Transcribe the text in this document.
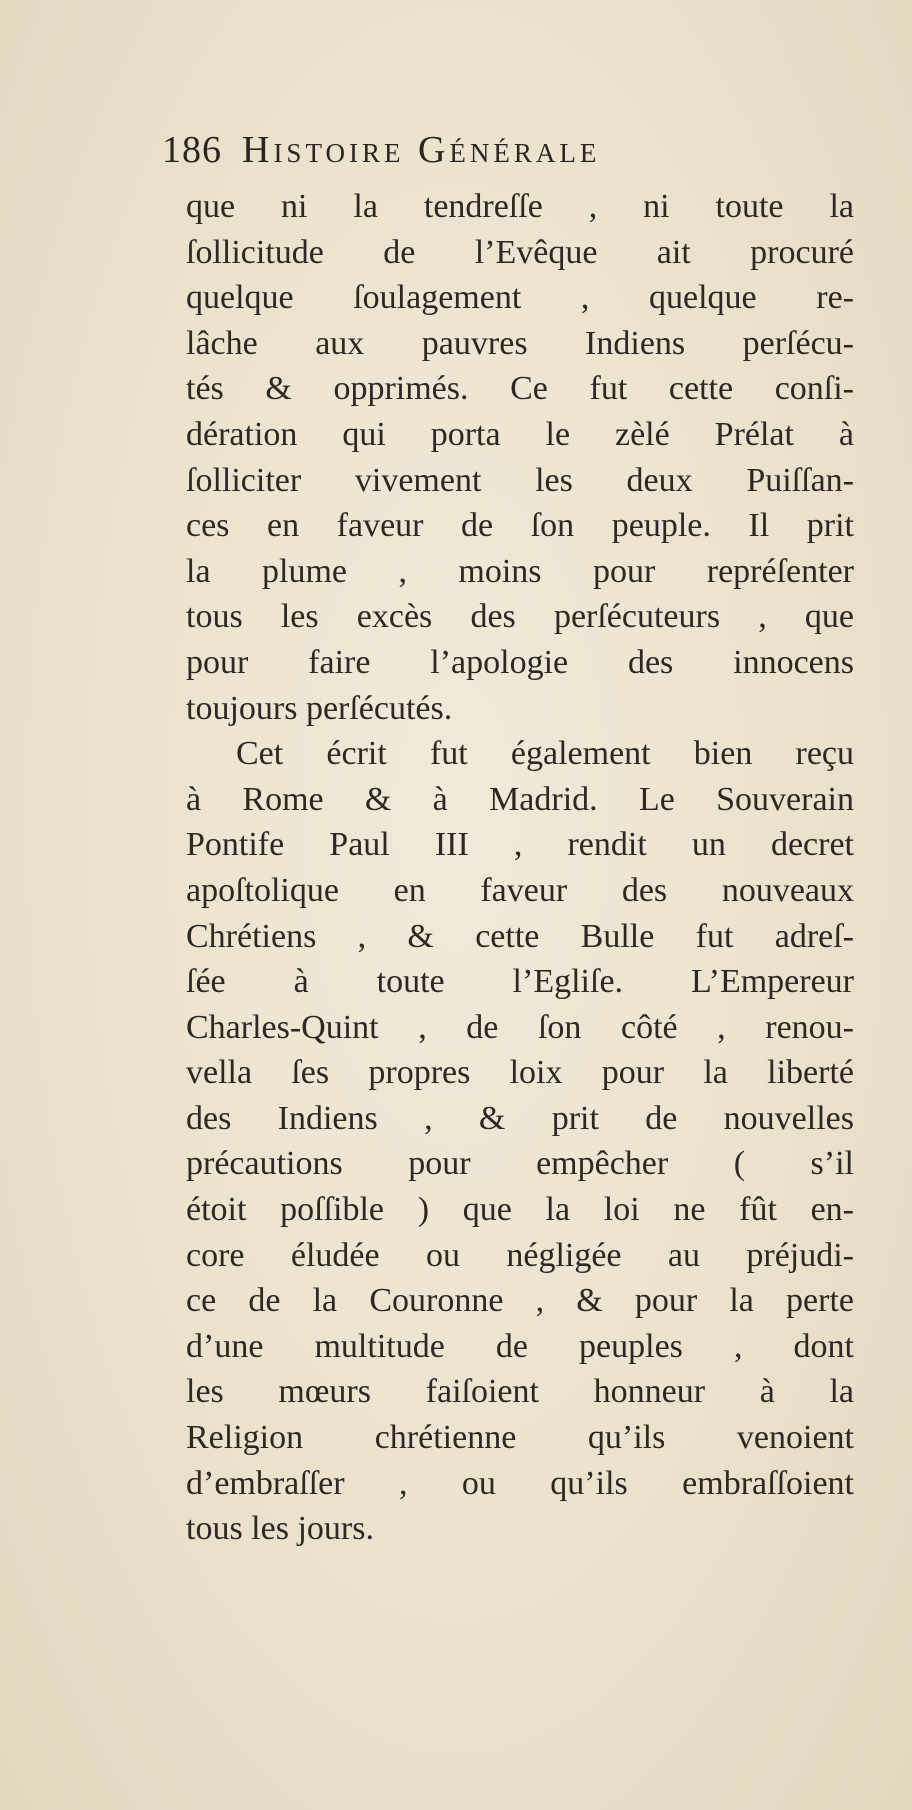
186 Histoire Générale
que ni la tendreſſe , ni toute la
ſollicitude de l’Evêque ait procuré
quelque ſoulagement , quelque re-
lâche aux pauvres Indiens perſécu-
tés & opprimés. Ce fut cette conſi-
dération qui porta le zèlé Prélat à
ſolliciter vivement les deux Puiſſan-
ces en faveur de ſon peuple. Il prit
la plume , moins pour repréſenter
tous les excès des perſécuteurs , que
pour faire l’apologie des innocens
toujours perſécutés.
Cet écrit fut également bien reçu
à Rome & à Madrid. Le Souverain
Pontife Paul III , rendit un decret
apoſtolique en faveur des nouveaux
Chrétiens , & cette Bulle fut adreſ-
ſée à toute l’Egliſe. L’Empereur
Charles-Quint , de ſon côté , renou-
vella ſes propres loix pour la liberté
des Indiens , & prit de nouvelles
précautions pour empêcher ( s’il
étoit poſſible ) que la loi ne fût en-
core éludée ou négligée au préjudi-
ce de la Couronne , & pour la perte
d’une multitude de peuples , dont
les mœurs faiſoient honneur à la
Religion chrétienne qu’ils venoient
d’embraſſer , ou qu’ils embraſſoient
tous les jours.
